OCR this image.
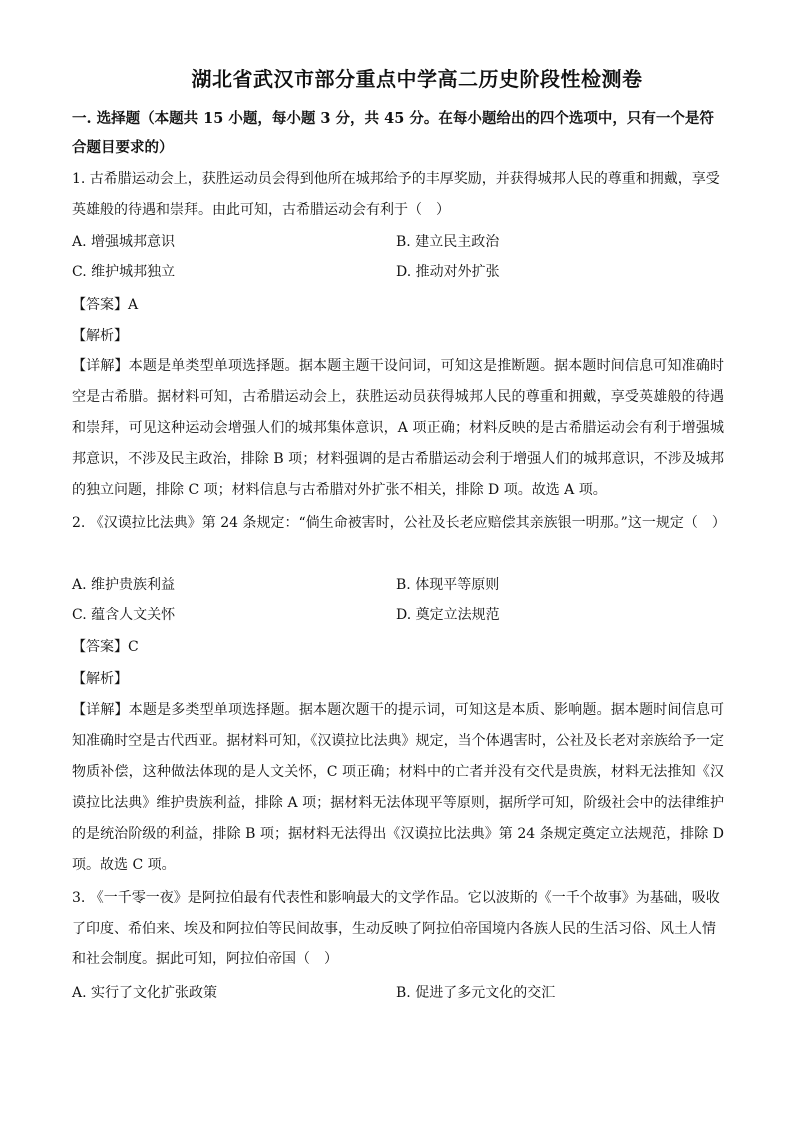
湖北省武汉市部分重点中学高二历史阶段性检测卷
一. 选择题（本题共 15 小题，每小题 3 分，共 45 分。在每小题给出的四个选项中，只有一个是符合题目要求的）
1. 古希腊运动会上，获胜运动员会得到他所在城邦给予的丰厚奖励，并获得城邦人民的尊重和拥戴，享受英雄般的待遇和崇拜。由此可知，古希腊运动会有利于（　）
A. 增强城邦意识	B. 建立民主政治
C. 维护城邦独立	D. 推动对外扩张
【答案】A
【解析】
【详解】本题是单类型单项选择题。据本题主题干设问词，可知这是推断题。据本题时间信息可知准确时空是古希腊。据材料可知，古希腊运动会上，获胜运动员获得城邦人民的尊重和拥戴，享受英雄般的待遇和崇拜，可见这种运动会增强人们的城邦集体意识，A 项正确；材料反映的是古希腊运动会有利于增强城邦意识，不涉及民主政治，排除 B 项；材料强调的是古希腊运动会利于增强人们的城邦意识，不涉及城邦的独立问题，排除 C 项；材料信息与古希腊对外扩张不相关，排除 D 项。故选 A 项。
2. 《汉谟拉比法典》第 24 条规定：“倘生命被害时，公社及长老应赔偿其亲族银一明那。”这一规定（　）
A. 维护贵族利益	B. 体现平等原则
C. 蕴含人文关怀	D. 奠定立法规范
【答案】C
【解析】
【详解】本题是多类型单项选择题。据本题次题干的提示词，可知这是本质、影响题。据本题时间信息可知准确时空是古代西亚。据材料可知，《汉谟拉比法典》规定，当个体遇害时，公社及长老对亲族给予一定物质补偿，这种做法体现的是人文关怀，C 项正确；材料中的亡者并没有交代是贵族，材料无法推知《汉谟拉比法典》维护贵族利益，排除 A 项；据材料无法体现平等原则，据所学可知，阶级社会中的法律维护的是统治阶级的利益，排除 B 项；据材料无法得出《汉谟拉比法典》第 24 条规定奠定立法规范，排除 D 项。故选 C 项。
3. 《一千零一夜》是阿拉伯最有代表性和影响最大的文学作品。它以波斯的《一千个故事》为基础，吸收了印度、希伯来、埃及和阿拉伯等民间故事，生动反映了阿拉伯帝国境内各族人民的生活习俗、风土人情和社会制度。据此可知，阿拉伯帝国（　）
A. 实行了文化扩张政策	B. 促进了多元文化的交汇
